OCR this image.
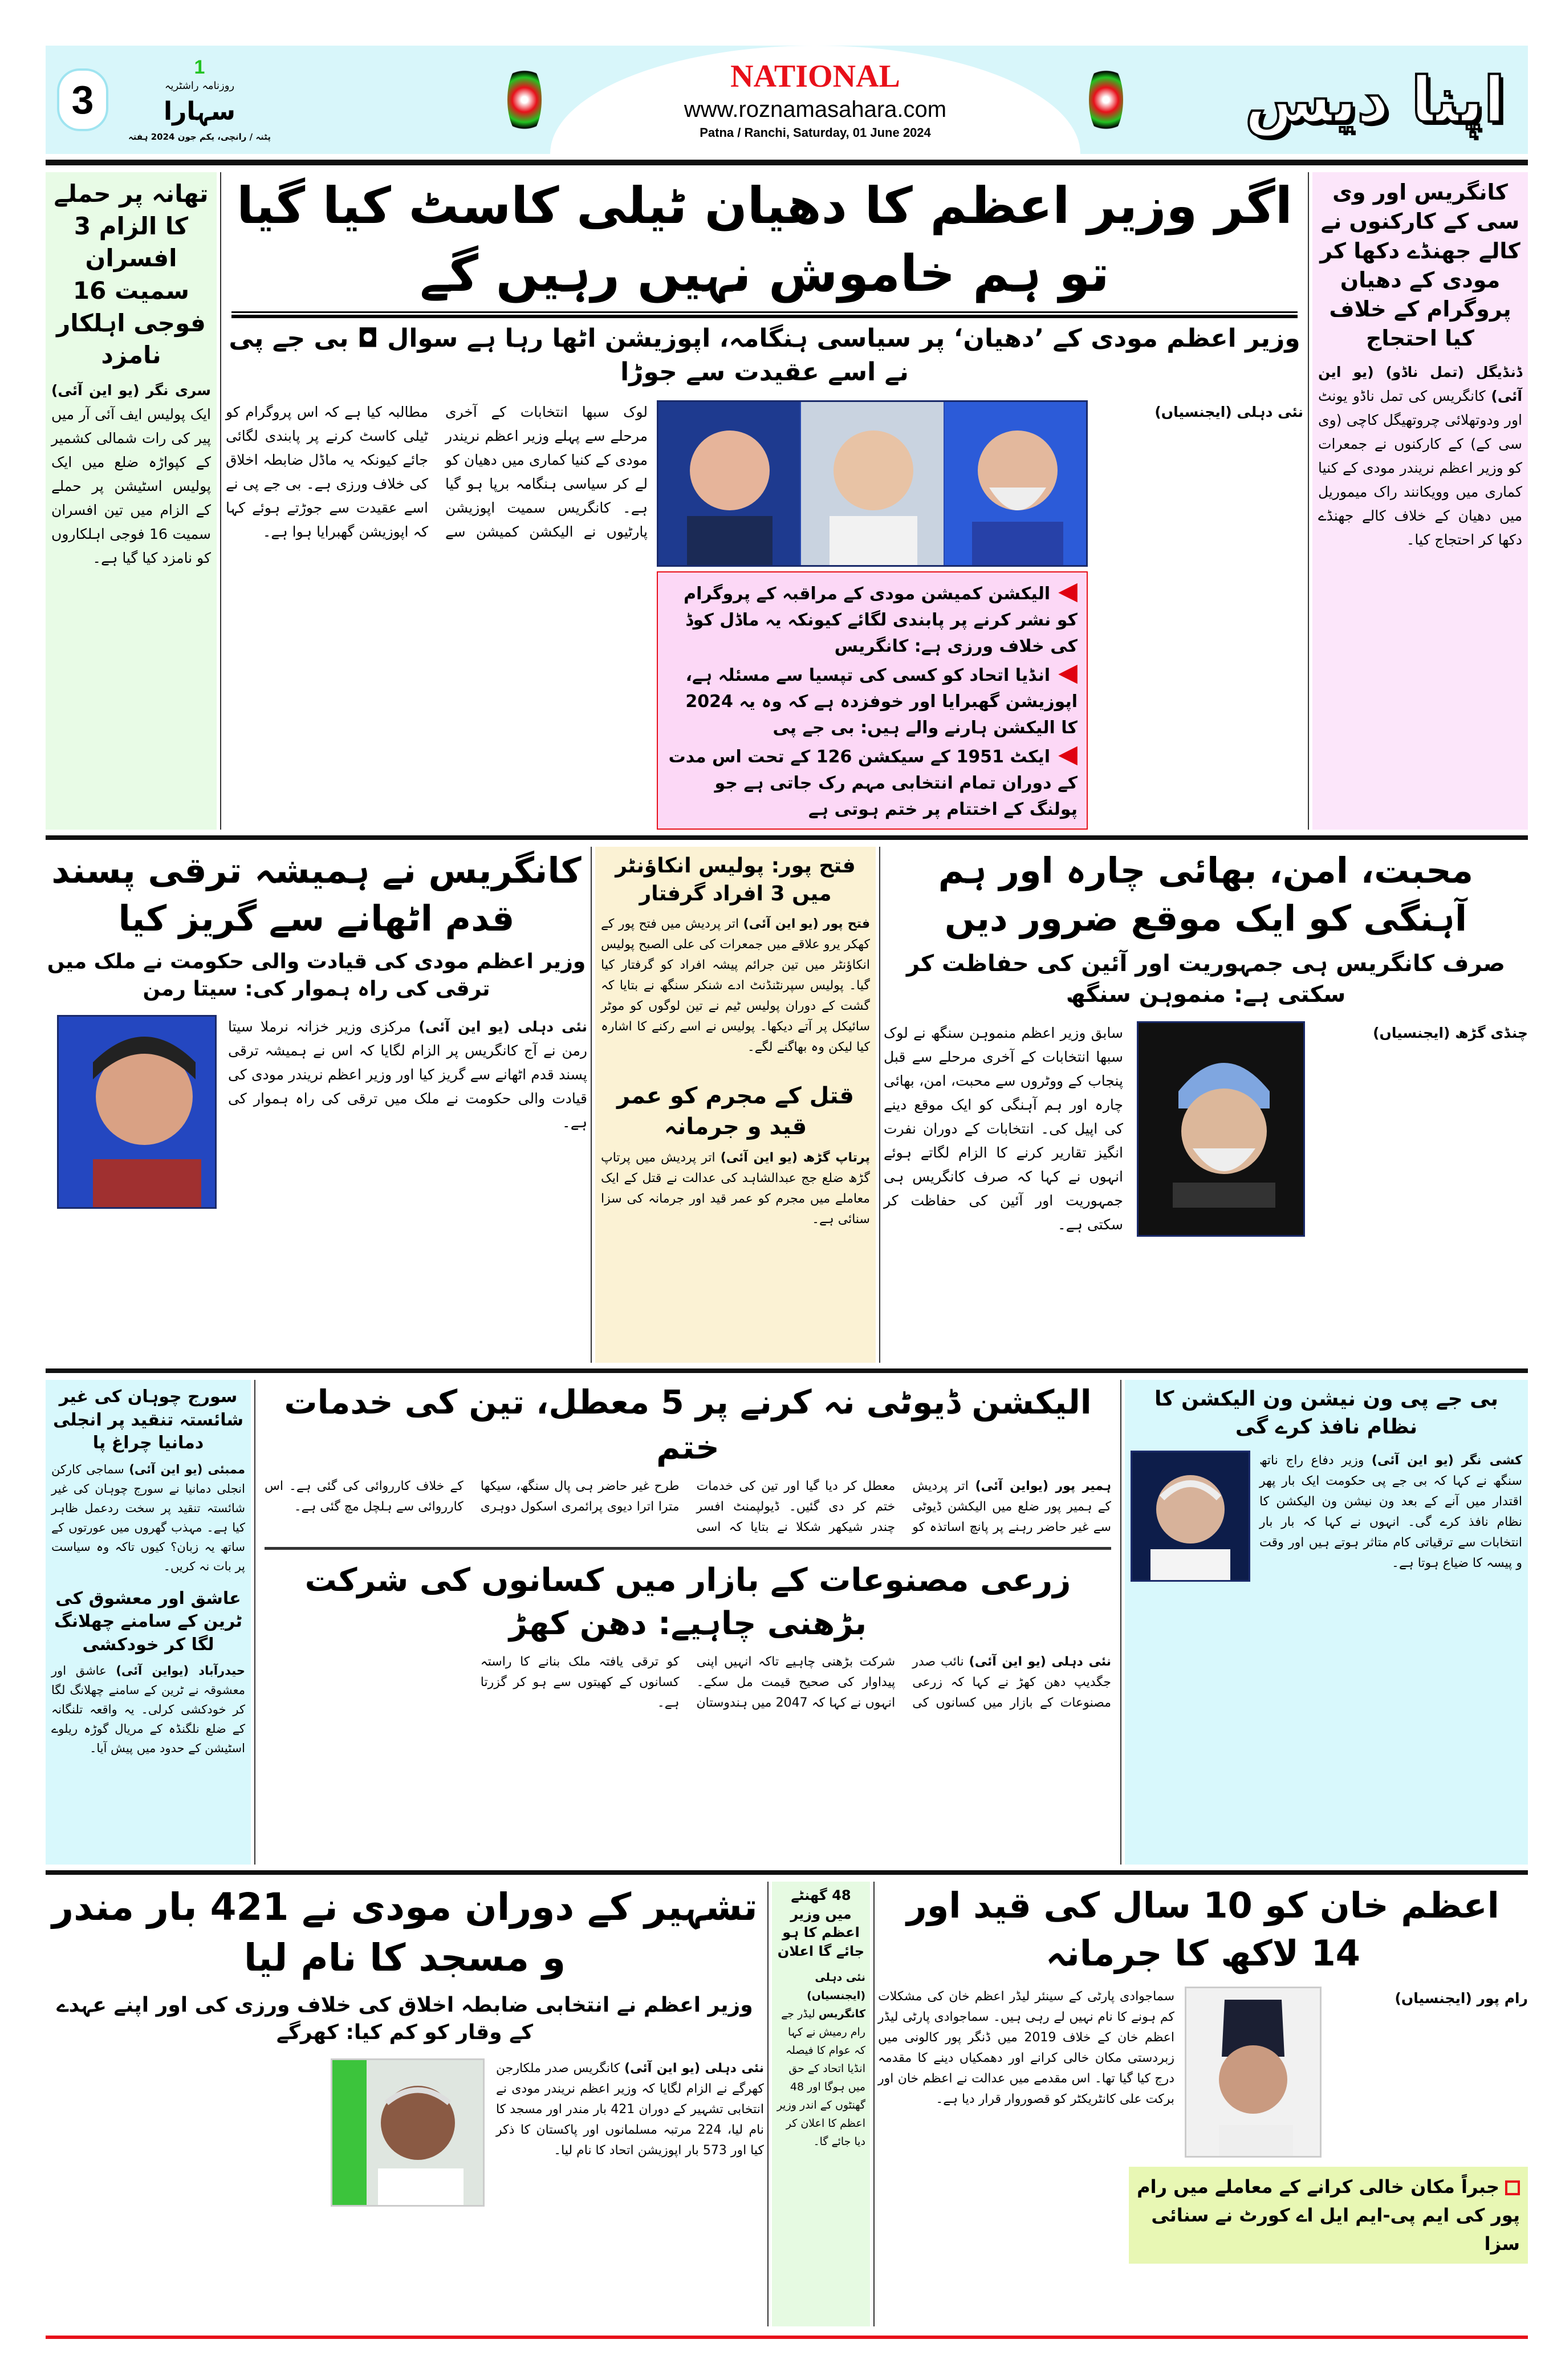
3
1
روزنامہ راشٹریہ
سہارا
پٹنہ / رانچی، یکم جون 2024 ہفتہ
NATIONAL
www.roznamasahara.com
Patna / Ranchi, Saturday, 01 June 2024	اپنا دیس
تھانہ پر حملے کا الزام 3 افسران سمیت 16 فوجی اہلکار نامزد
سری نگر (یو این آئی) ایک پولیس ایف آئی آر میں پیر کی رات شمالی کشمیر کے کپواڑہ ضلع میں ایک پولیس اسٹیشن پر حملے کے الزام میں تین افسران سمیت 16 فوجی اہلکاروں کو نامزد کیا گیا ہے۔
اگر وزیر اعظم کا دھیان ٹیلی کاسٹ کیا گیا تو ہم خاموش نہیں رہیں گے
وزیر اعظم مودی کے ’دھیان‘ پر سیاسی ہنگامہ، اپوزیشن اٹھا رہا ہے سوال ◘ بی جے پی نے اسے عقیدت سے جوڑا
لوک سبھا انتخابات کے آخری مرحلے سے پہلے وزیر اعظم نریندر مودی کے کنیا کماری میں دھیان کو لے کر سیاسی ہنگامہ برپا ہو گیا ہے۔ کانگریس سمیت اپوزیشن پارٹیوں نے الیکشن کمیشن سے مطالبہ کیا ہے کہ اس پروگرام کو ٹیلی کاسٹ کرنے پر پابندی لگائی جائے کیونکہ یہ ماڈل ضابطہ اخلاق کی خلاف ورزی ہے۔ بی جے پی نے اسے عقیدت سے جوڑتے ہوئے کہا کہ اپوزیشن گھبرایا ہوا ہے۔
◀الیکشن کمیشن مودی کے مراقبہ کے پروگرام کو نشر کرنے پر پابندی لگائے کیونکہ یہ ماڈل کوڈ کی خلاف ورزی ہے: کانگریس
◀انڈیا اتحاد کو کسی کی تپسیا سے مسئلہ ہے، اپوزیشن گھبرایا اور خوفزدہ ہے کہ وہ یہ 2024 کا الیکشن ہارنے والے ہیں: بی جے پی
◀ایکٹ 1951 کے سیکشن 126 کے تحت اس مدت کے دوران تمام انتخابی مہم رک جاتی ہے جو پولنگ کے اختتام پر ختم ہوتی ہے
نئی دہلی (ایجنسیاں)
کانگریس اور وی سی کے کارکنوں نے کالے جھنڈے دکھا کر مودی کے دھیان پروگرام کے خلاف کیا احتجاج
ڈنڈیگل (تمل ناڈو) (یو این آئی) کانگریس کی تمل ناڈو یونٹ اور ودوتھلائی چروتھیگل کاچی (وی سی کے) کے کارکنوں نے جمعرات کو وزیر اعظم نریندر مودی کے کنیا کماری میں وویکانند راک میموریل میں دھیان کے خلاف کالے جھنڈے دکھا کر احتجاج کیا۔
کانگریس نے ہمیشہ ترقی پسند قدم اٹھانے سے گریز کیا
وزیر اعظم مودی کی قیادت والی حکومت نے ملک میں ترقی کی راہ ہموار کی: سیتا رمن
نئی دہلی (یو این آئی) مرکزی وزیر خزانہ نرملا سیتا رمن نے آج کانگریس پر الزام لگایا کہ اس نے ہمیشہ ترقی پسند قدم اٹھانے سے گریز کیا اور وزیر اعظم نریندر مودی کی قیادت والی حکومت نے ملک میں ترقی کی راہ ہموار کی ہے۔
فتح پور: پولیس انکاؤنٹر میں 3 افراد گرفتار
فتح پور (یو این آئی) اتر پردیش میں فتح پور کے کھکر یرو علاقے میں جمعرات کی علی الصبح پولیس انکاؤنٹر میں تین جرائم پیشہ افراد کو گرفتار کیا گیا۔ پولیس سپرنٹنڈنٹ ادے شنکر سنگھ نے بتایا کہ گشت کے دوران پولیس ٹیم نے تین لوگوں کو موٹر سائیکل پر آتے دیکھا۔ پولیس نے اسے رکنے کا اشارہ کیا لیکن وہ بھاگنے لگے۔
قتل کے مجرم کو عمر قید و جرمانہ
پرتاپ گڑھ (یو این آئی) اتر پردیش میں پرتاپ گڑھ ضلع جج عبدالشاہد کی عدالت نے قتل کے ایک معاملے میں مجرم کو عمر قید اور جرمانہ کی سزا سنائی ہے۔
محبت، امن، بھائی چارہ اور ہم آہنگی کو ایک موقع ضرور دیں
صرف کانگریس ہی جمہوریت اور آئین کی حفاظت کر سکتی ہے: منموہن سنگھ
سابق وزیر اعظم منموہن سنگھ نے لوک سبھا انتخابات کے آخری مرحلے سے قبل پنجاب کے ووٹروں سے محبت، امن، بھائی چارہ اور ہم آہنگی کو ایک موقع دینے کی اپیل کی۔ انتخابات کے دوران نفرت انگیز تقاریر کرنے کا الزام لگاتے ہوئے انہوں نے کہا کہ صرف کانگریس ہی جمہوریت اور آئین کی حفاظت کر سکتی ہے۔
چنڈی گڑھ (ایجنسیاں)
سورج چوہان کی غیر شائستہ تنقید پر انجلی دمانیا چراغ پا
ممبئی (یو این آئی) سماجی کارکن انجلی دمانیا نے سورج چوہان کی غیر شائستہ تنقید پر سخت ردعمل ظاہر کیا ہے۔ مہذب گھروں میں عورتوں کے ساتھ یہ زبان؟ کیوں تاکہ وہ سیاست پر بات نہ کریں۔
عاشق اور معشوق کی ٹرین کے سامنے چھلانگ لگا کر خودکشی
حیدرآباد (یواین آئی) عاشق اور معشوقہ نے ٹرین کے سامنے چھلانگ لگا کر خودکشی کرلی۔ یہ واقعہ تلنگانہ کے ضلع نلگنڈہ کے مریال گوڑہ ریلوے اسٹیشن کے حدود میں پیش آیا۔
الیکشن ڈیوٹی نہ کرنے پر 5 معطل، تین کی خدمات ختم
ہمیر پور (یواین آئی) اتر پردیش کے ہمیر پور ضلع میں الیکشن ڈیوٹی سے غیر حاضر رہنے پر پانچ اساتذہ کو معطل کر دیا گیا اور تین کی خدمات ختم کر دی گئیں۔ ڈیولپمنٹ افسر چندر شیکھر شکلا نے بتایا کہ اسی طرح غیر حاضر ہی پال سنگھ، سیکھا مترا اترا دیوی پرائمری اسکول دوہری کے خلاف کارروائی کی گئی ہے۔ اس کارروائی سے ہلچل مچ گئی ہے۔
زرعی مصنوعات کے بازار میں کسانوں کی شرکت بڑھنی چاہیے: دھن کھڑ
نئی دہلی (یو این آئی) نائب صدر جگدیپ دھن کھڑ نے کہا کہ زرعی مصنوعات کے بازار میں کسانوں کی شرکت بڑھنی چاہیے تاکہ انہیں اپنی پیداوار کی صحیح قیمت مل سکے۔ انہوں نے کہا کہ 2047 میں ہندوستان کو ترقی یافتہ ملک بنانے کا راستہ کسانوں کے کھیتوں سے ہو کر گزرتا ہے۔
بی جے پی ون نیشن ون الیکشن کا نظام نافذ کرے گی
کشی نگر (یو این آئی) وزیر دفاع راج ناتھ سنگھ نے کہا کہ بی جے پی حکومت ایک بار پھر اقتدار میں آنے کے بعد ون نیشن ون الیکشن کا نظام نافذ کرے گی۔ انہوں نے کہا کہ بار بار انتخابات سے ترقیاتی کام متاثر ہوتے ہیں اور وقت و پیسہ کا ضیاع ہوتا ہے۔
تشہیر کے دوران مودی نے 421 بار مندر و مسجد کا نام لیا
وزیر اعظم نے انتخابی ضابطہ اخلاق کی خلاف ورزی کی اور اپنے عہدے کے وقار کو کم کیا: کھرگے
نئی دہلی (یو این آئی) کانگریس صدر ملکارجن کھرگے نے الزام لگایا کہ وزیر اعظم نریندر مودی نے انتخابی تشہیر کے دوران 421 بار مندر اور مسجد کا نام لیا، 224 مرتبہ مسلمانوں اور پاکستان کا ذکر کیا اور 573 بار اپوزیشن اتحاد کا نام لیا۔
48 گھنٹے میں وزیر اعظم کا ہو جائے گا اعلان
نئی دہلی (ایجنسیاں) کانگریس لیڈر جے رام رمیش نے کہا کہ عوام کا فیصلہ انڈیا اتحاد کے حق میں ہوگا اور 48 گھنٹوں کے اندر وزیر اعظم کا اعلان کر دیا جائے گا۔
اعظم خان کو 10 سال کی قید اور 14 لاکھ کا جرمانہ
سماجوادی پارٹی کے سینئر لیڈر اعظم خان کی مشکلات کم ہونے کا نام نہیں لے رہی ہیں۔ سماجوادی پارٹی لیڈر اعظم خان کے خلاف 2019 میں ڈنگر پور کالونی میں زبردستی مکان خالی کرانے اور دھمکیاں دینے کا مقدمہ درج کیا گیا تھا۔ اس مقدمے میں عدالت نے اعظم خان اور برکت علی کانٹریکٹر کو قصوروار قرار دیا ہے۔
رام پور (ایجنسیاں)
جبراً مکان خالی کرانے کے معاملے میں رام پور کی ایم پی-ایم ایل اے کورٹ نے سنائی سزا
